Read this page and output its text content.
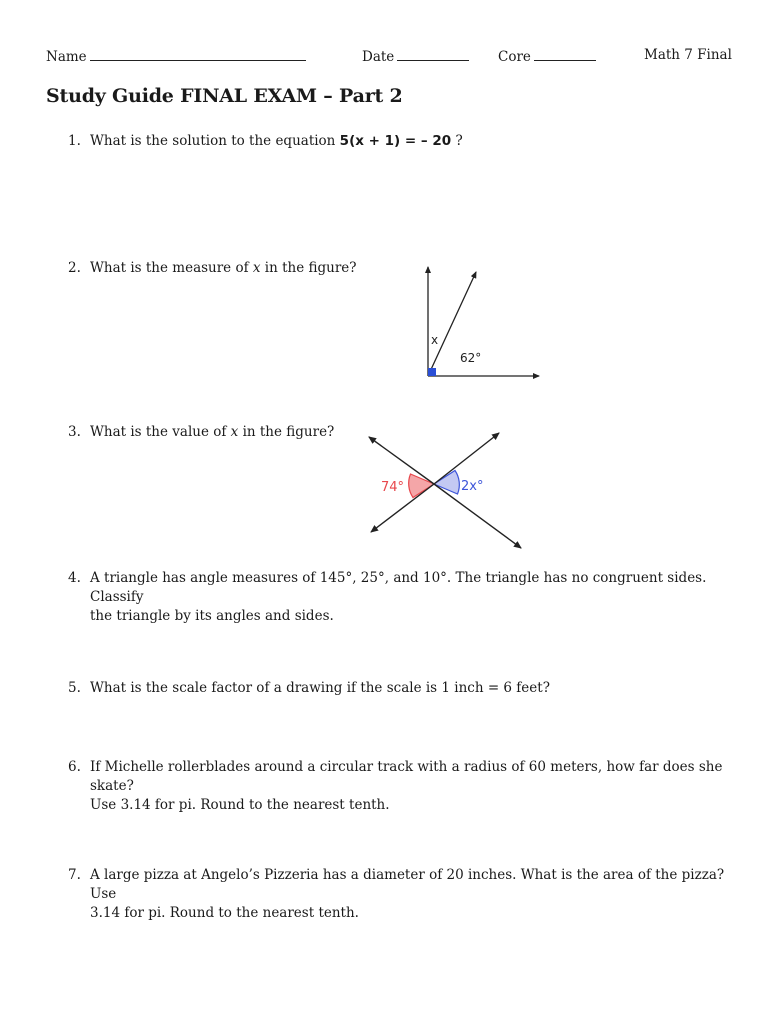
Name	Date	Core	Math 7 Final
Study Guide FINAL EXAM – Part 2
1. What is the solution to the equation 5(x + 1) = – 20 ?
2. What is the measure of x in the figure?
x
62°
3. What is the value of x in the figure?
74°	2x°
4. A triangle has angle measures of 145°, 25°, and 10°. The triangle has no congruent sides. Classify

the triangle by its angles and sides.

5. What is the scale factor of a drawing if the scale is 1 inch = 6 feet?

6. If Michelle rollerblades around a circular track with a radius of 60 meters, how far does she skate?

Use 3.14 for pi. Round to the nearest tenth.

7. A large pizza at Angelo’s Pizzeria has a diameter of 20 inches. What is the area of the pizza? Use

3.14 for pi. Round to the nearest tenth.
